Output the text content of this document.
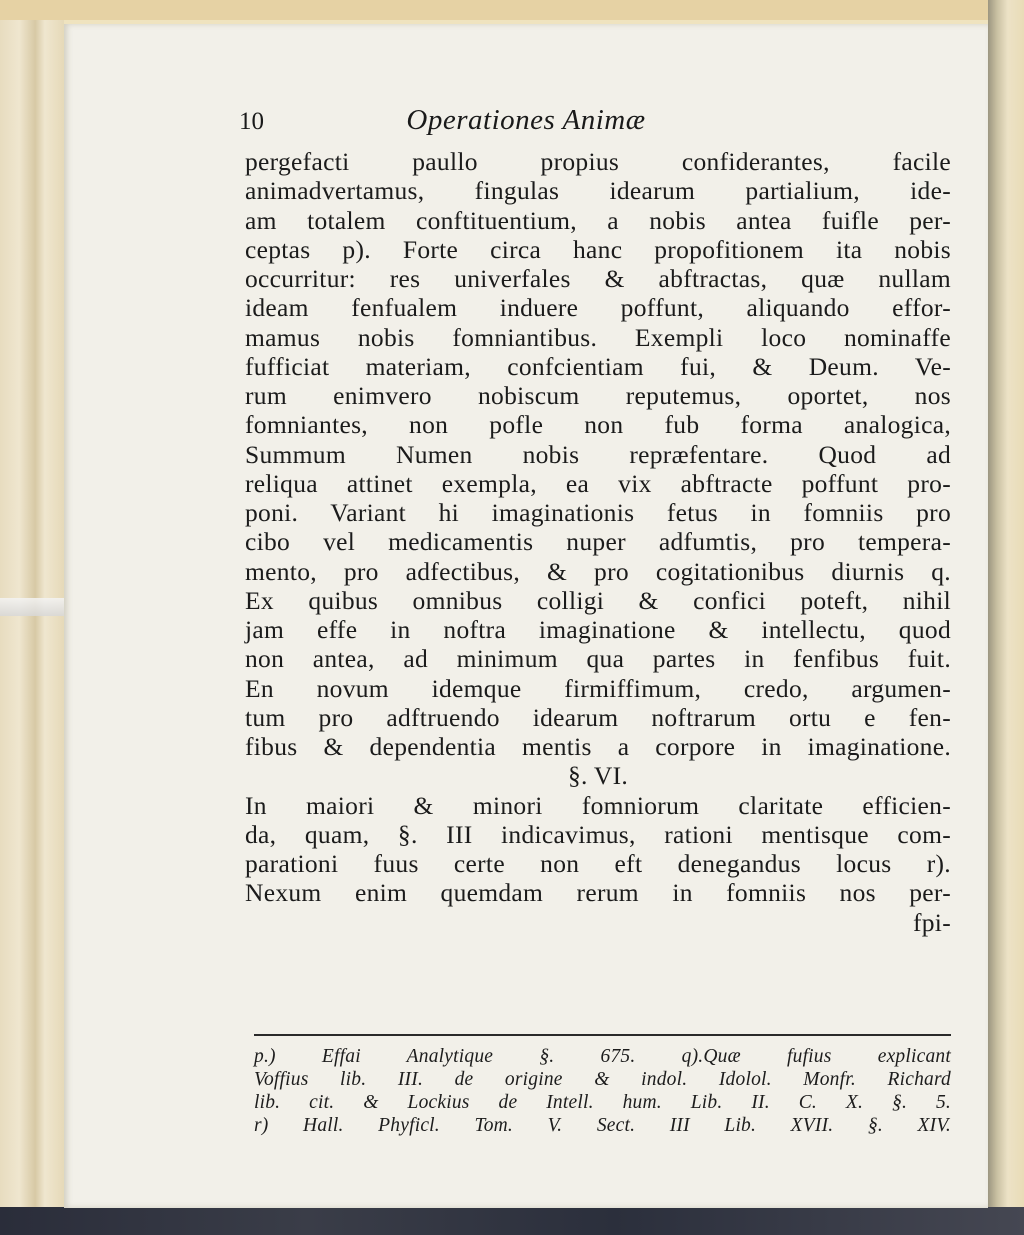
10	Operationes Animæ
pergefacti paullo propius confiderantes, facile
animadvertamus, fingulas idearum partialium, ide-
am totalem conftituentium, a nobis antea fuifle per-
ceptas p). Forte circa hanc propofitionem ita nobis
occurritur: res univerfales & abftractas, quæ nullam
ideam fenfualem induere poffunt, aliquando effor-
mamus nobis fomniantibus. Exempli loco nominaffe
fufficiat materiam, confcientiam fui, & Deum. Ve-
rum enimvero nobiscum reputemus, oportet, nos
fomniantes, non pofle non fub forma analogica,
Summum Numen nobis repræfentare. Quod ad
reliqua attinet exempla, ea vix abftracte poffunt pro-
poni. Variant hi imaginationis fetus in fomniis pro
cibo vel medicamentis nuper adfumtis, pro tempera-
mento, pro adfectibus, & pro cogitationibus diurnis q.
Ex quibus omnibus colligi & confici poteft, nihil
jam effe in noftra imaginatione & intellectu, quod
non antea, ad minimum qua partes in fenfibus fuit.
En novum idemque firmiffimum, credo, argumen-
tum pro adftruendo idearum noftrarum ortu e fen-
fibus & dependentia mentis a corpore in imaginatione.
§. VI.
In maiori & minori fomniorum claritate efficien-
da, quam, §. III indicavimus, rationi mentisque com-
parationi fuus certe non eft denegandus locus r).
Nexum enim quemdam rerum in fomniis nos per-
fpi-
p.) Effai Analytique §. 675. q).Quæ fufius explicant
Voffius lib. III. de origine & indol. Idolol. Monfr. Richard
lib. cit. & Lockius de Intell. hum. Lib. II. C. X. §. 5.
r) Hall. Phyficl. Tom. V. Sect. III Lib. XVII. §. XIV.
